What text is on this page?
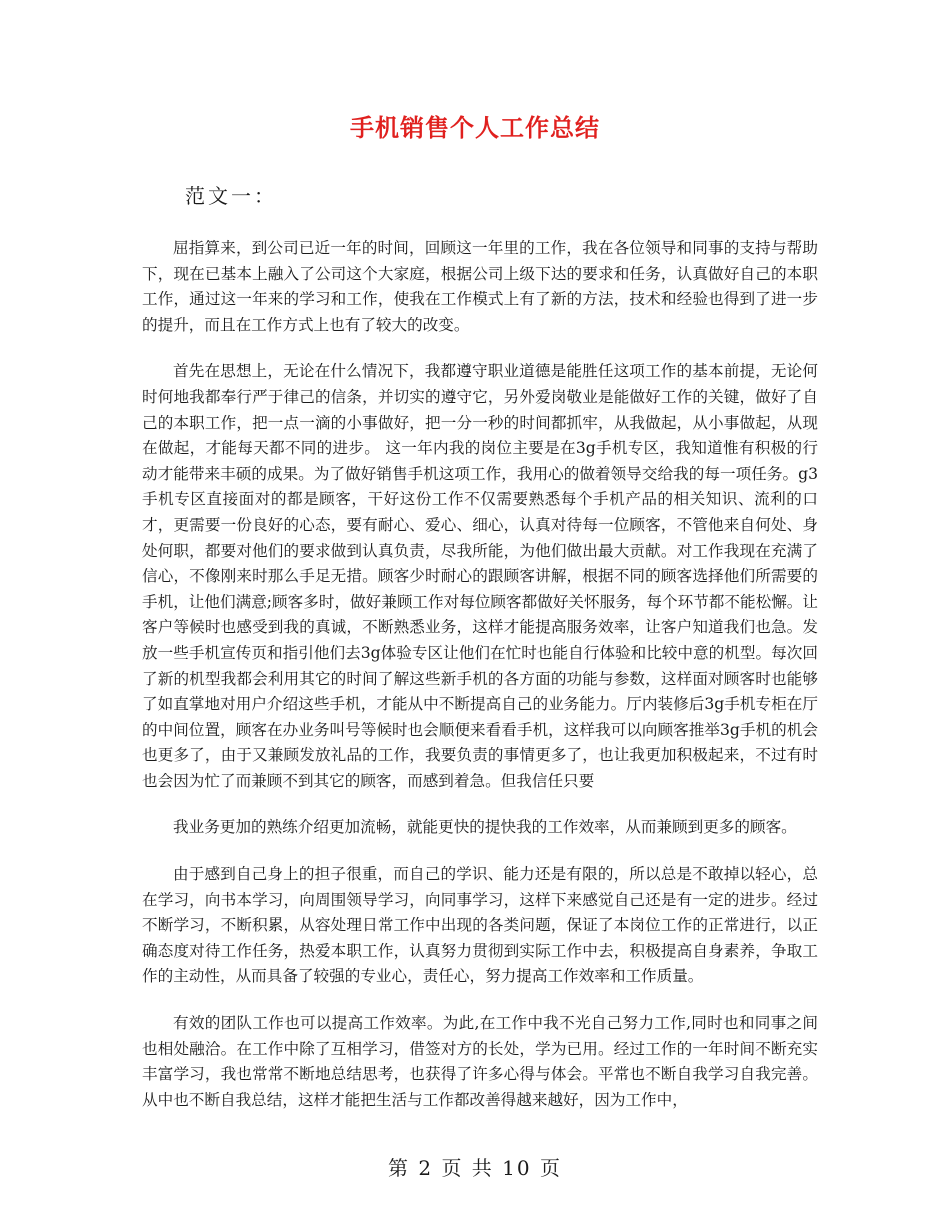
手机销售个人工作总结
范文一：

屈指算来，到公司已近一年的时间，回顾这一年里的工作，我在各位领导和同事的支持与帮助下，现在已基本上融入了公司这个大家庭，根据公司上级下达的要求和任务，认真做好自己的本职工作，通过这一年来的学习和工作，使我在工作模式上有了新的方法，技术和经验也得到了进一步的提升，而且在工作方式上也有了较大的改变。

首先在思想上，无论在什么情况下，我都遵守职业道德是能胜任这项工作的基本前提，无论何时何地我都奉行严于律己的信条，并切实的遵守它，另外爱岗敬业是能做好工作的关键，做好了自己的本职工作，把一点一滴的小事做好，把一分一秒的时间都抓牢，从我做起，从小事做起，从现在做起，才能每天都不同的进步。 这一年内我的岗位主要是在3g手机专区，我知道惟有积极的行动才能带来丰硕的成果。为了做好销售手机这项工作，我用心的做着领导交给我的每一项任务。g3手机专区直接面对的都是顾客，干好这份工作不仅需要熟悉每个手机产品的相关知识、流利的口才，更需要一份良好的心态，要有耐心、爱心、细心，认真对待每一位顾客，不管他来自何处、身处何职，都要对他们的要求做到认真负责，尽我所能，为他们做出最大贡献。对工作我现在充满了信心，不像刚来时那么手足无措。顾客少时耐心的跟顾客讲解，根据不同的顾客选择他们所需要的手机，让他们满意;顾客多时，做好兼顾工作对每位顾客都做好关怀服务，每个环节都不能松懈。让客户等候时也感受到我的真诚，不断熟悉业务，这样才能提高服务效率，让客户知道我们也急。发放一些手机宣传页和指引他们去3g体验专区让他们在忙时也能自行体验和比较中意的机型。每次回了新的机型我都会利用其它的时间了解这些新手机的各方面的功能与参数，这样面对顾客时也能够了如直掌地对用户介绍这些手机，才能从中不断提高自己的业务能力。厅内装修后3g手机专柜在厅的中间位置，顾客在办业务叫号等候时也会顺便来看看手机，这样我可以向顾客推举3g手机的机会也更多了，由于又兼顾发放礼品的工作，我要负责的事情更多了，也让我更加积极起来，不过有时也会因为忙了而兼顾不到其它的顾客，而感到着急。但我信任只要

我业务更加的熟练介绍更加流畅，就能更快的提快我的工作效率，从而兼顾到更多的顾客。

由于感到自己身上的担子很重，而自己的学识、能力还是有限的，所以总是不敢掉以轻心，总在学习，向书本学习，向周围领导学习，向同事学习，这样下来感觉自己还是有一定的进步。经过不断学习，不断积累，从容处理日常工作中出现的各类问题，保证了本岗位工作的正常进行，以正确态度对待工作任务，热爱本职工作，认真努力贯彻到实际工作中去，积极提高自身素养，争取工作的主动性，从而具备了较强的专业心，责任心，努力提高工作效率和工作质量。

有效的团队工作也可以提高工作效率。为此,在工作中我不光自己努力工作,同时也和同事之间也相处融洽。在工作中除了互相学习，借签对方的长处，学为已用。经过工作的一年时间不断充实丰富学习，我也常常不断地总结思考，也获得了许多心得与体会。平常也不断自我学习自我完善。从中也不断自我总结，这样才能把生活与工作都改善得越来越好，因为工作中，

第 2 页 共 10 页
